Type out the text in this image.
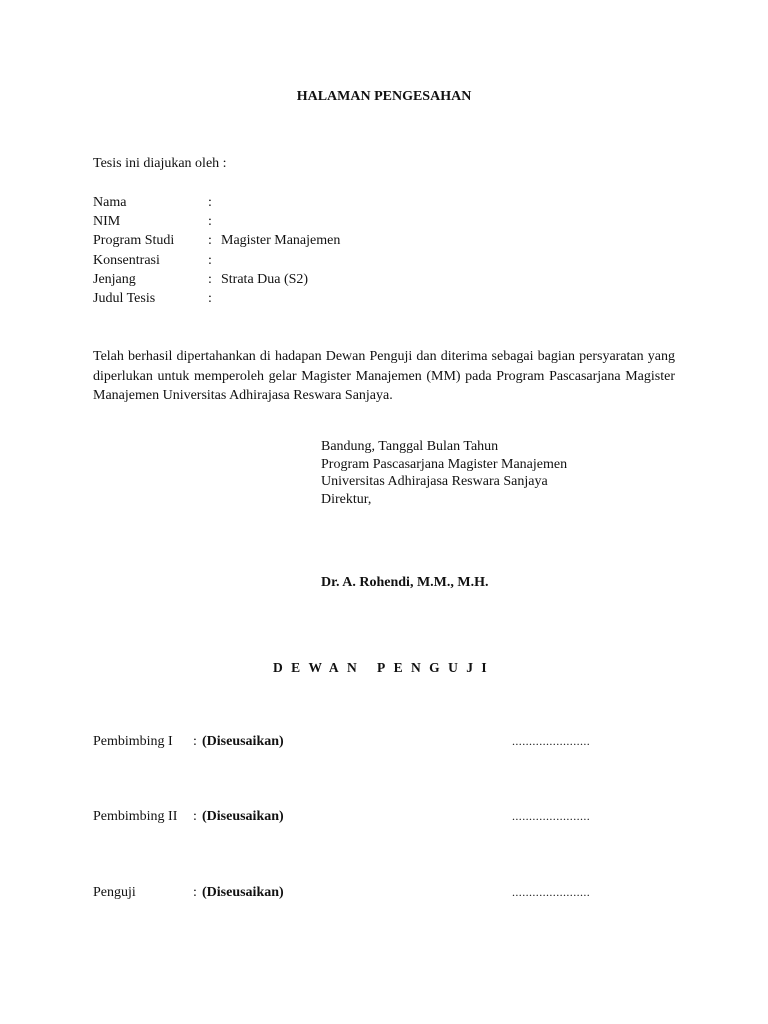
HALAMAN PENGESAHAN
Tesis ini diajukan oleh :
Nama	:
NIM	:
Program Studi : Magister Manajemen
Konsentrasi	:
Jenjang	: Strata Dua (S2)
Judul Tesis	:
Telah berhasil dipertahankan di hadapan Dewan Penguji dan diterima sebagai bagian persyaratan yang diperlukan untuk memperoleh gelar Magister Manajemen (MM) pada Program Pascasarjana Magister Manajemen Universitas Adhirajasa Reswara Sanjaya.
Bandung, Tanggal Bulan Tahun
Program Pascasarjana Magister Manajemen
Universitas Adhirajasa Reswara Sanjaya
Direktur,
Dr. A. Rohendi, M.M., M.H.
DEWAN PENGUJI
Pembimbing I : (Diseusaikan)	.......................
Pembimbing II : (Diseusaikan)	.......................
Penguji	: (Diseusaikan)	.......................
